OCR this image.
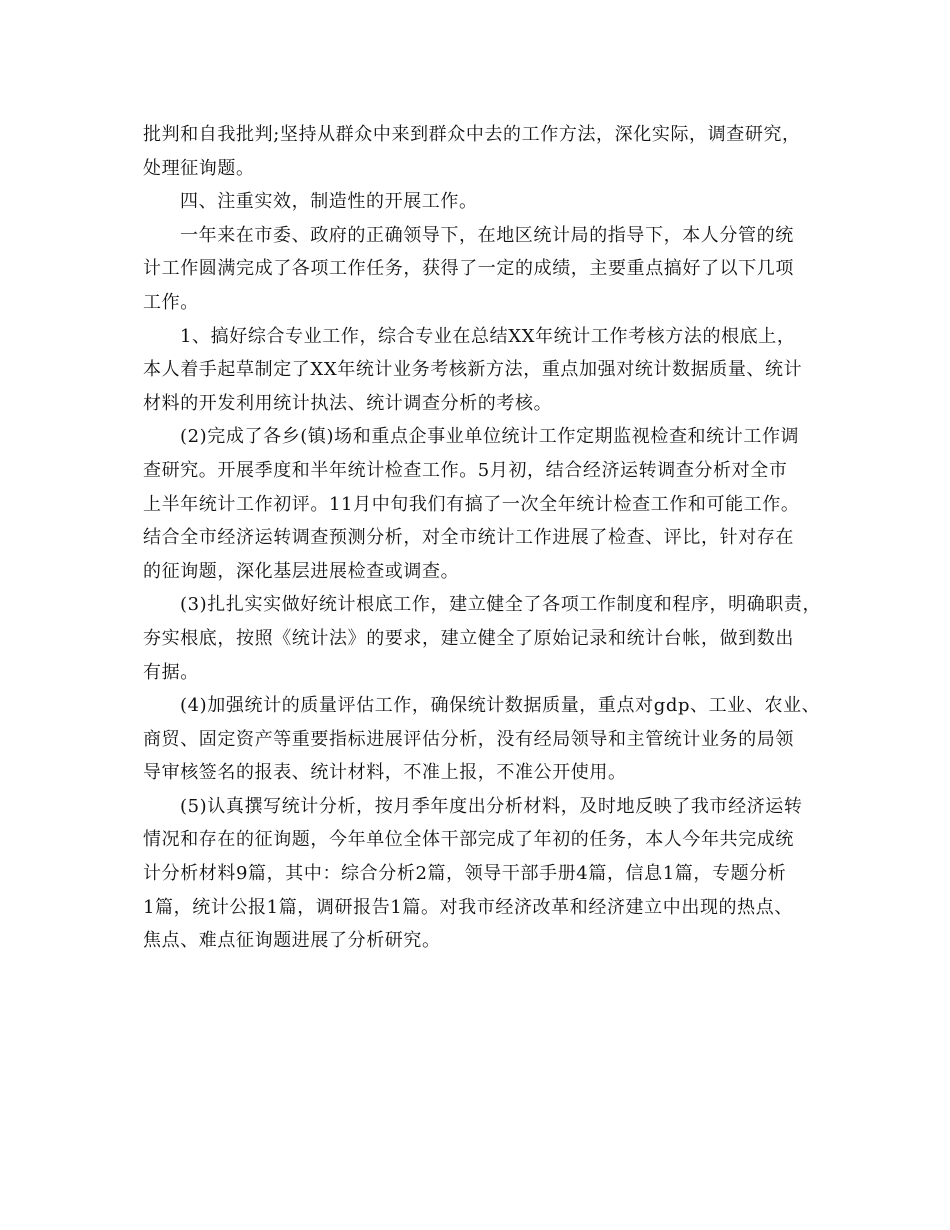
批判和自我批判;坚持从群众中来到群众中去的工作方法，深化实际，调查研究，
处理征询题。
四、注重实效，制造性的开展工作。
一年来在市委、政府的正确领导下，在地区统计局的指导下，本人分管的统
计工作圆满完成了各项工作任务，获得了一定的成绩，主要重点搞好了以下几项
工作。
1、搞好综合专业工作，综合专业在总结XX年统计工作考核方法的根底上，
本人着手起草制定了XX年统计业务考核新方法，重点加强对统计数据质量、统计
材料的开发利用统计执法、统计调查分析的考核。
(2)完成了各乡(镇)场和重点企事业单位统计工作定期监视检查和统计工作调
查研究。开展季度和半年统计检查工作。5月初，结合经济运转调查分析对全市
上半年统计工作初评。11月中旬我们有搞了一次全年统计检查工作和可能工作。
结合全市经济运转调查预测分析，对全市统计工作进展了检查、评比，针对存在
的征询题，深化基层进展检查或调查。
(3)扎扎实实做好统计根底工作，建立健全了各项工作制度和程序，明确职责，
夯实根底，按照《统计法》的要求，建立健全了原始记录和统计台帐，做到数出
有据。
(4)加强统计的质量评估工作，确保统计数据质量，重点对gdp、工业、农业、
商贸、固定资产等重要指标进展评估分析，没有经局领导和主管统计业务的局领
导审核签名的报表、统计材料，不准上报，不准公开使用。
(5)认真撰写统计分析，按月季年度出分析材料，及时地反映了我市经济运转
情况和存在的征询题，今年单位全体干部完成了年初的任务，本人今年共完成统
计分析材料9篇，其中：综合分析2篇，领导干部手册4篇，信息1篇，专题分析
1篇，统计公报1篇，调研报告1篇。对我市经济改革和经济建立中出现的热点、
焦点、难点征询题进展了分析研究。
